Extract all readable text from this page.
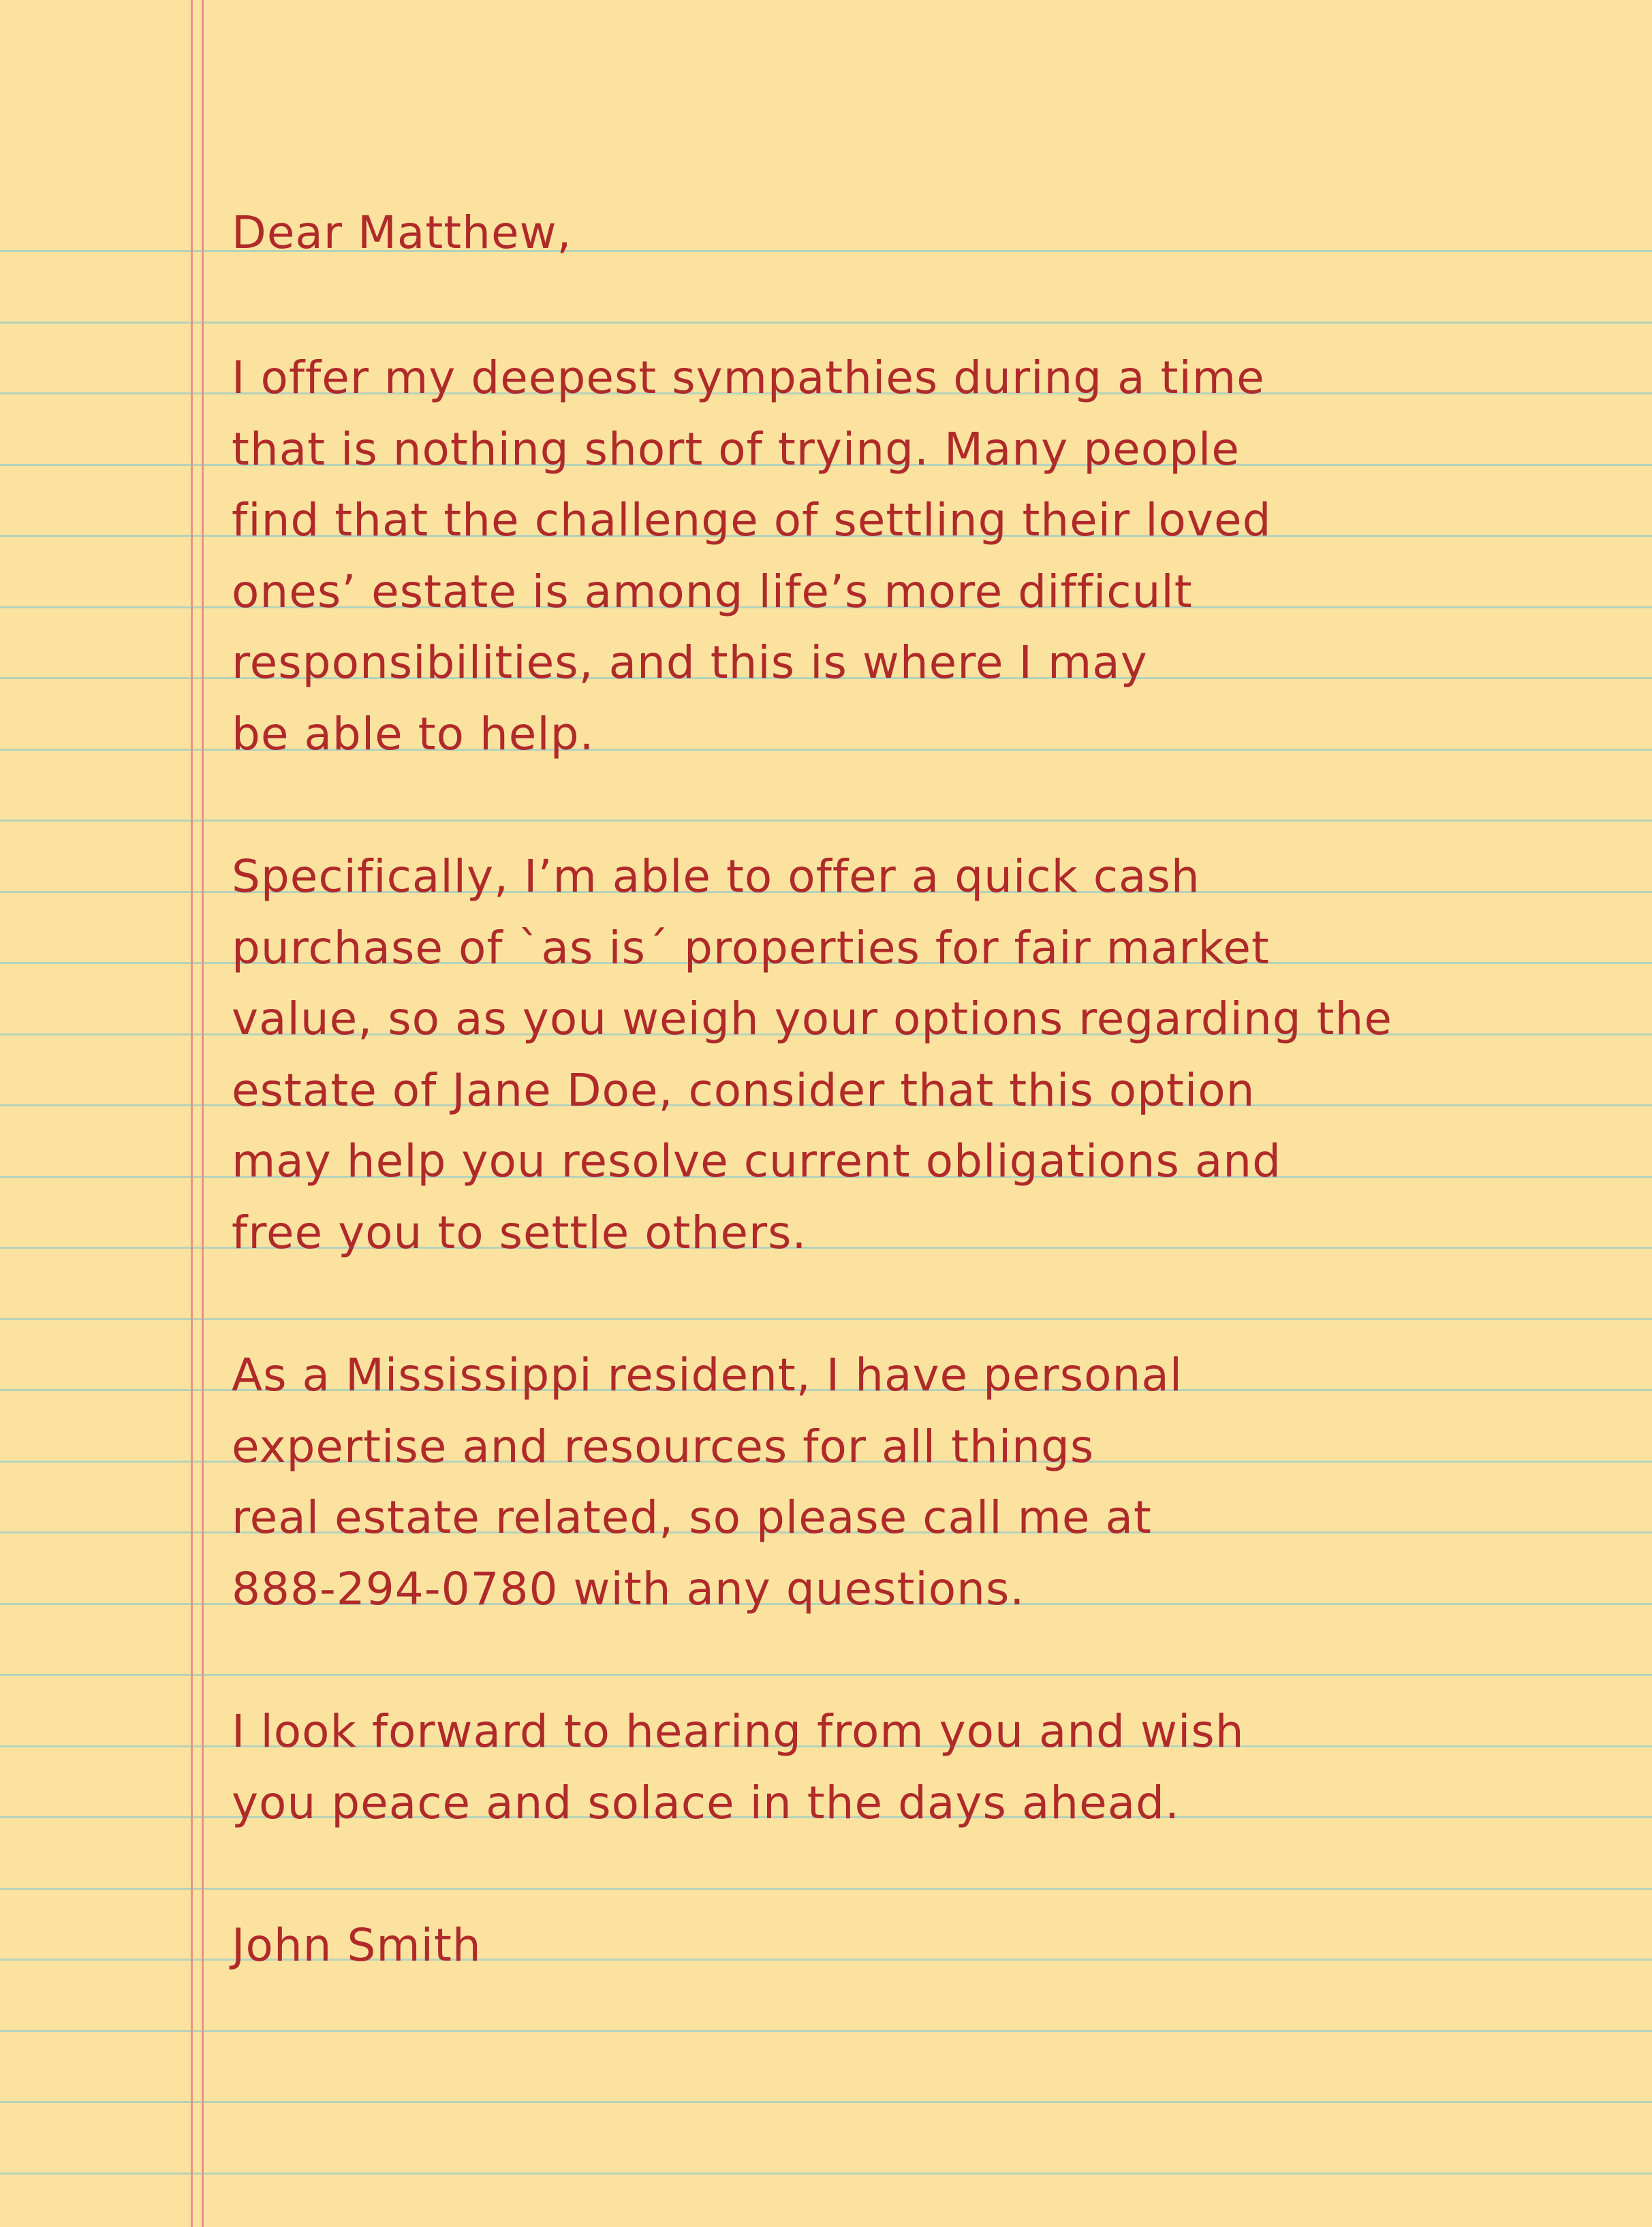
Dear Matthew,
I offer my deepest sympathies during a time
that is nothing short of trying. Many people
find that the challenge of settling their loved
ones’ estate is among life’s more difficult
responsibilities, and this is where I may
be able to help.
Specifically, I’m able to offer a quick cash
purchase of `as is´ properties for fair market
value, so as you weigh your options regarding the
estate of Jane Doe, consider that this option
may help you resolve current obligations and
free you to settle others.
As a Mississippi resident, I have personal
expertise and resources for all things
real estate related, so please call me at
888-294-0780 with any questions.
I look forward to hearing from you and wish
you peace and solace in the days ahead.
John Smith
